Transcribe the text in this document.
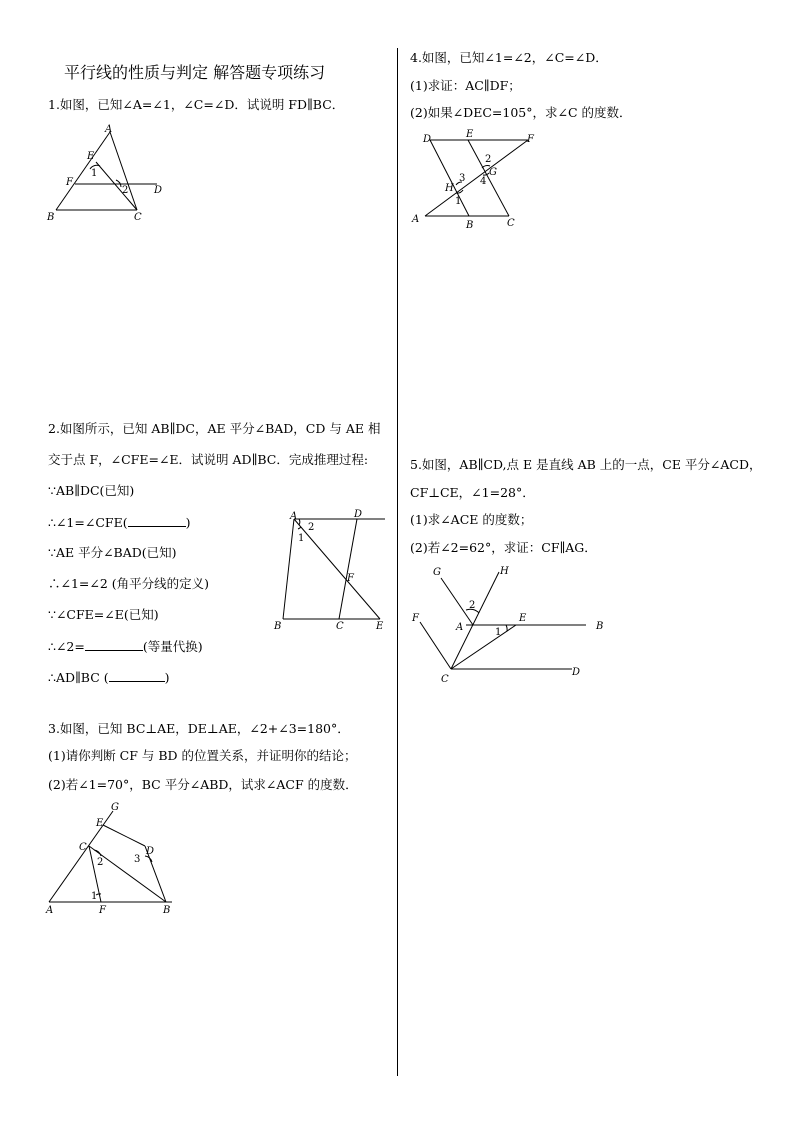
平行线的性质与判定 解答题专项练习
1.如图，已知∠A=∠1，∠C=∠D．试说明 FD∥BC．
A
E
F
D
B	C
1
2
2.如图所示，已知 AB∥DC，AE 平分∠BAD，CD 与 AE 相
交于点 F，∠CFE=∠E．试说明 AD∥BC．完成推理过程:
∵AB∥DC(已知)
∴∠1=∠CFE(	)
∵AE 平分∠BAD(已知)
∴∠1=∠2 (角平分线的定义)
∵∠CFE=∠E(已知)
∴∠2=	(等量代换)
∴AD∥BC (	)
A	D
2
1
F
B	C	E
3.如图，已知 BC⊥AE，DE⊥AE，∠2+∠3=180°．
(1)请你判断 CF 与 BD 的位置关系，并证明你的结论；
(2)若∠1=70°，BC 平分∠ABD，试求∠ACF 的度数．
G
E
C	D
2	3
1
A	F	B
4.如图，已知∠1=∠2，∠C=∠D．
(1)求证：AC∥DF；
(2)如果∠DEC=105°，求∠C 的度数．
D	E	F
2
G
3 4
H
1
A
B	C
5.如图，AB∥CD,点 E 是直线 AB 上的一点，CE 平分∠ACD，
CF⊥CE，∠1=28°．
(1)求∠ACE 的度数；
(2)若∠2=62°，求证：CF∥AG．
G	H
2
F
A
E
B
1
C
D
